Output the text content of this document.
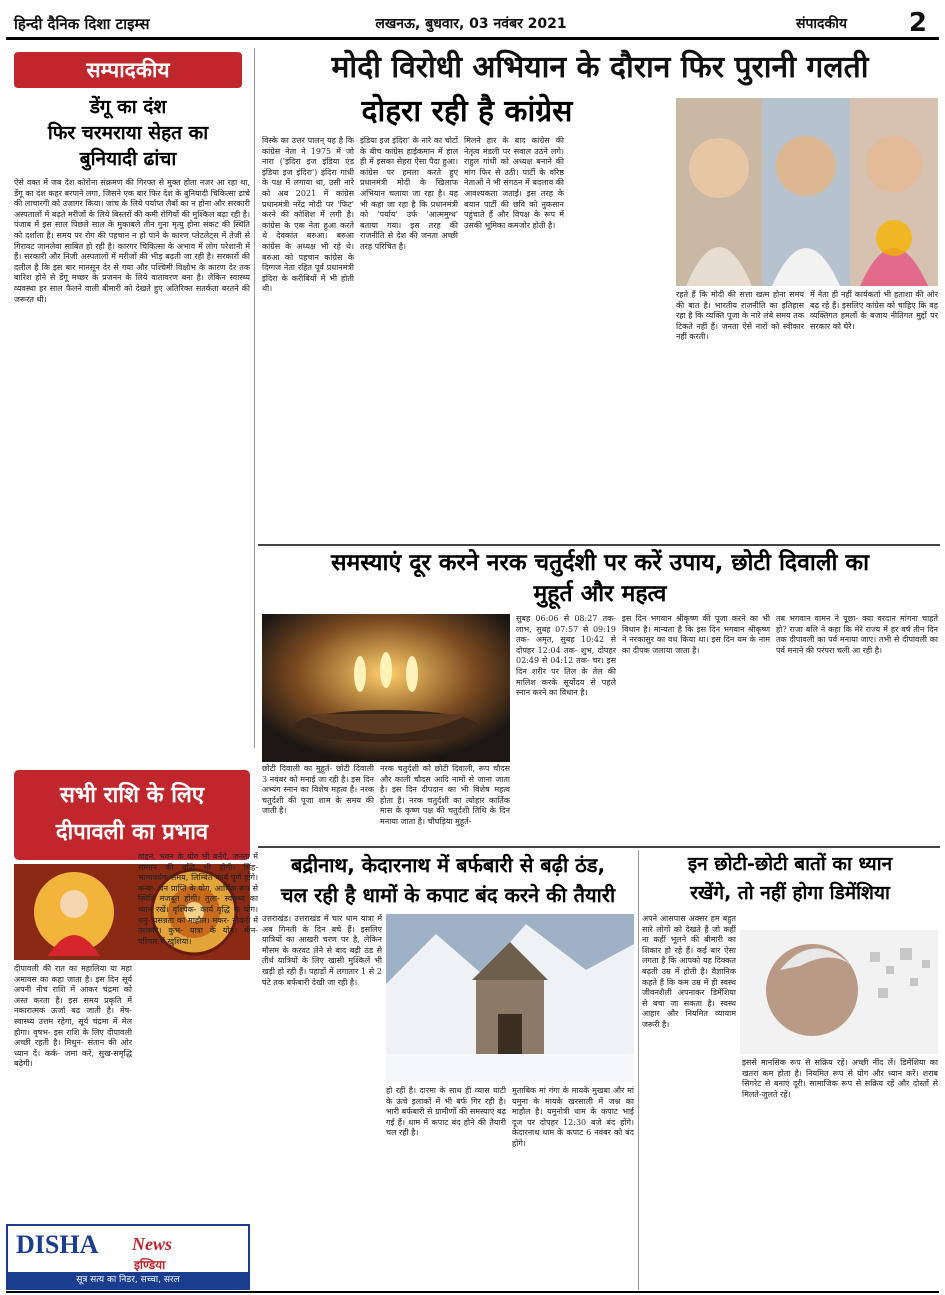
हिन्दी दैनिक दिशा टाइम्स	लखनऊ, बुधवार, 03 नवंबर 2021	संपादकीय 2
सम्पादकीय
डेंगू का दंश
फिर चरमराया सेहत का
बुनियादी ढांचा
ऐसे वक्त में जब देश कोरोना संक्रमण की गिरफ्त से मुक्त होता नजर आ रहा था, डेंगू का दंश कहर बरपाने लगा, जिसने एक बार फिर देश के बुनियादी चिकित्सा ढांचे की लाचारगी को उजागर किया। जांच के लिये पर्याप्त लैबों का न होना और सरकारी अस्पतालों में बढ़ते मरीजों के लिये बिस्तरों की कमी रोगियों की मुश्किल बढ़ा रही है। पंजाब में इस साल पिछले साल के मुकाबले तीन गुना मृत्यु होना संकट की स्थिति को दर्शाता है। समय पर रोग की पहचान न हो पाने के कारण प्लेटलेट्स में तेजी से गिरावट जानलेवा साबित हो रही है। कारगर चिकित्सा के अभाव में लोग परेशानी में हैं। सरकारी और निजी अस्पतालों में मरीजों की भीड़ बढ़ती जा रही है। सरकारों की दलील है कि इस बार मानसून देर से गया और पश्चिमी विक्षोभ के कारण देर तक बारिश होने से डेंगू मच्छर के प्रजनन के लिये वातावरण बना है। लेकिन स्वास्थ्य व्यवस्था हर साल फैलने वाली बीमारी को देखते हुए अतिरिक्त सतर्कता बरतने की जरूरत थी।
मोदी विरोधी अभियान के दौरान फिर पुरानी गलती
दोहरा रही है कांग्रेस
विस्के का उत्तर पालन् यह है कि कांग्रेस नेता ने 1975 में जो नारा ('इंदिरा इज इंडिया एंड इंडिया इज इंदिरा') इंदिरा गांधी के पक्ष में लगाया था, उसी नारे को अब 2021 में कांग्रेस प्रधानमंत्री नरेंद्र मोदी पर 'फिट' करने की कोशिश में लगी है। कांग्रेस के एक नेता हुआ करते थे देवकांत बरुआ। बरुआ कांग्रेस के अध्यक्ष भी रहे थे। बरुआ को पहचान कांग्रेस के दिग्गज नेता रहित पूर्व प्रधानमंत्री इंदिरा के करीबियों में भी होती थी।
इंडिया इज इंदिरा' के नारे का चोटों के बीच कांग्रेस हाईकमान में हाल ही में इसका सेहरा ऐसा पैदा हुआ। कांग्रेस पर हमला करते हुए प्रधानमंत्री मोदी के खिलाफ अभियान चलाया जा रहा है। यह भी कहा जा रहा है कि प्रधानमंत्री को 'पर्याय' उर्फ 'आत्ममुग्ध' बताया गया। इस तरह की राजनीति से देश की जनता अच्छी तरह परिचित है।
मिलने हार के बाद कांग्रेस की नेतृत्व मंडली पर सवाल उठने लगे। राहुल गांधी को अध्यक्ष बनाने की मांग फिर से उठी। पार्टी के वरिष्ठ नेताओं ने भी संगठन में बदलाव की आवश्यकता जताई। इस तरह के बयान पार्टी की छवि को नुकसान पहुंचाते हैं और विपक्ष के रूप में उसकी भूमिका कमजोर होती है।
रहते हैं कि मोदी की सत्ता खत्म होना समय की बात है। भारतीय राजनीति का इतिहास रहा है कि व्यक्ति पूजा के नारे लंबे समय तक टिकते नहीं हैं। जनता ऐसे नारों को स्वीकार नहीं करती।
में नेता ही नहीं कार्यकर्ता भी हताशा की ओर बढ़ रहे हैं। इसलिए कांग्रेस को चाहिए कि वह व्यक्तिगत हमलों के बजाय नीतिगत मुद्दों पर सरकार को घेरे।
समस्याएं दूर करने नरक चतुर्दशी पर करें उपाय, छोटी दिवाली का
मुहूर्त और महत्व
छोटी दिवाली का मुहूर्त- छोटी दिवाली 3 नवंबर को मनाई जा रही है। इस दिन अभ्यंग स्नान का विशेष महत्व है। नरक चतुर्दशी की पूजा शाम के समय की जाती है।
नरक चतुर्दशी को छोटी दिवाली, रूप चौदस और काली चौदस आदि नामों से जाना जाता है। इस दिन दीपदान का भी विशेष महत्व होता है। नरक चतुर्दशी का त्योहार कार्तिक मास के कृष्ण पक्ष की चतुर्दशी तिथि के दिन मनाया जाता है। चौघड़िया मुहूर्त-
सुबह 06:06 से 08:27 तक- लाभ, सुबह 07:57 से 09:19 तक- अमृत, सुबह 10:42 से दोपहर 12:04 तक- शुभ, दोपहर 02:49 से 04:12 तक- चर। इस दिन शरीर पर तिल के तेल की मालिश करके सूर्योदय से पहले स्नान करने का विधान है।
इस दिन भगवान श्रीकृष्ण की पूजा करने का भी विधान है। मान्यता है कि इस दिन भगवान श्रीकृष्ण ने नरकासुर का वध किया था। इस दिन यम के नाम का दीपक जलाया जाता है।
तब भगवान वामन ने पूछा- क्या वरदान मांगना चाहते हो? राजा बलि ने कहा कि मेरे राज्य में हर वर्ष तीन दिन तक दीपावली का पर्व मनाया जाए। तभी से दीपावली का पर्व मनाने की परंपरा चली आ रही है।
सभी राशि के लिए
दीपावली का प्रभाव
दीपावली की रात का महालिया या महा अमावस का कहा जाता है। इस दिन सूर्य अपनी नीच राशि में आकर चंद्रमा को अस्त करता है। इस समय प्रकृति में नकारात्मक ऊर्जा बढ़ जाती है। मेष- स्वास्थ्य उत्तम रहेगा, सूर्य चंद्रमा में मेल होगा। वृषभ- इस राशि के लिए दीपावली अच्छी रहती है। मिथुन- संतान की ओर ध्यान दें। कर्क- जमा करें, सुख-समृद्धि बढ़ेगी।
वाहन, भवन के योग भी बनेंगे, जनता में सम्मान की वृद्धि भी होगी। सिंह- भाग्यवर्धक समय, लिम्बित कार्य पूर्ण होंगे। कन्या- धन प्राप्ति के योग, आर्थिक रूप से स्थिति मजबूत होगी। तुला- स्वास्थ्य का ध्यान रखें। वृश्चिक- कार्य वृद्धि के योग। धनु- प्रसन्नता का माहौल। मकर- नौकरी में तरक्की। कुंभ- यात्रा के योग। मीन- परिवार में खुशियां।
DISHA News
इण्डिया
सूत्र सत्य का निडर, सच्चा, सरल
बद्रीनाथ, केदारनाथ में बर्फबारी से बढ़ी ठंड,
चल रही है धामों के कपाट बंद करने की तैयारी
उत्तराखंड। उत्तराखंड में चार धाम यात्रा में अब गिनती के दिन बचे हैं। इसलिए यात्रियों का आखरी चरण पर है, लेकिन मौसम के करवट लेने से बाद बढ़ी ठंड से तीर्थ यात्रियों के लिए खासी मुश्किलें भी खड़ी हो रही हैं। पहाड़ों में लगातार 1 से 2 घंटे तक बर्फबारी देखी जा रही है।
हो रही है। दारमा के साथ ही व्यास घाटी के ऊंचे इलाकों में भी बर्फ गिर रही है। भारी बर्फबारी से ग्रामीणों की समस्याएं बढ़ गई हैं। धाम में कपाट बंद होने की तैयारी चल रही है।
मुताबिक मां गंगा के मायके मुखबा और मां यमुना के मायके खरसाली में जश्न का माहौल है। यमुनोत्री धाम के कपाट भाई दूज पर दोपहर 12:30 बजे बंद होंगे। केदारनाथ धाम के कपाट 6 नवंबर को बंद होंगे।
इन छोटी-छोटी बातों का ध्यान
रखेंगे, तो नहीं होगा डिमेंशिया
अपने आसपास अक्सर हम बहुत सारे लोगों को देखते हैं जो कहीं ना कहीं भूलने की बीमारी का शिकार हो रहे हैं। कई बार ऐसा लगता है कि आपको यह दिक्कत बढ़ती उम्र में होती है। वैज्ञानिक कहते हैं कि कम उम्र में ही स्वस्थ जीवनशैली अपनाकर डिमेंशिया से बचा जा सकता है। स्वस्थ आहार और नियमित व्यायाम जरूरी है।
इससे मानसिक रूप से सक्रिय रहें। अच्छी नींद लें। डिमेंशिया का खतरा कम होता है। नियमित रूप से योग और ध्यान करें। शराब सिगरेट से बनाएं दूरी। सामाजिक रूप से सक्रिय रहें और दोस्तों से मिलते-जुलते रहें।
